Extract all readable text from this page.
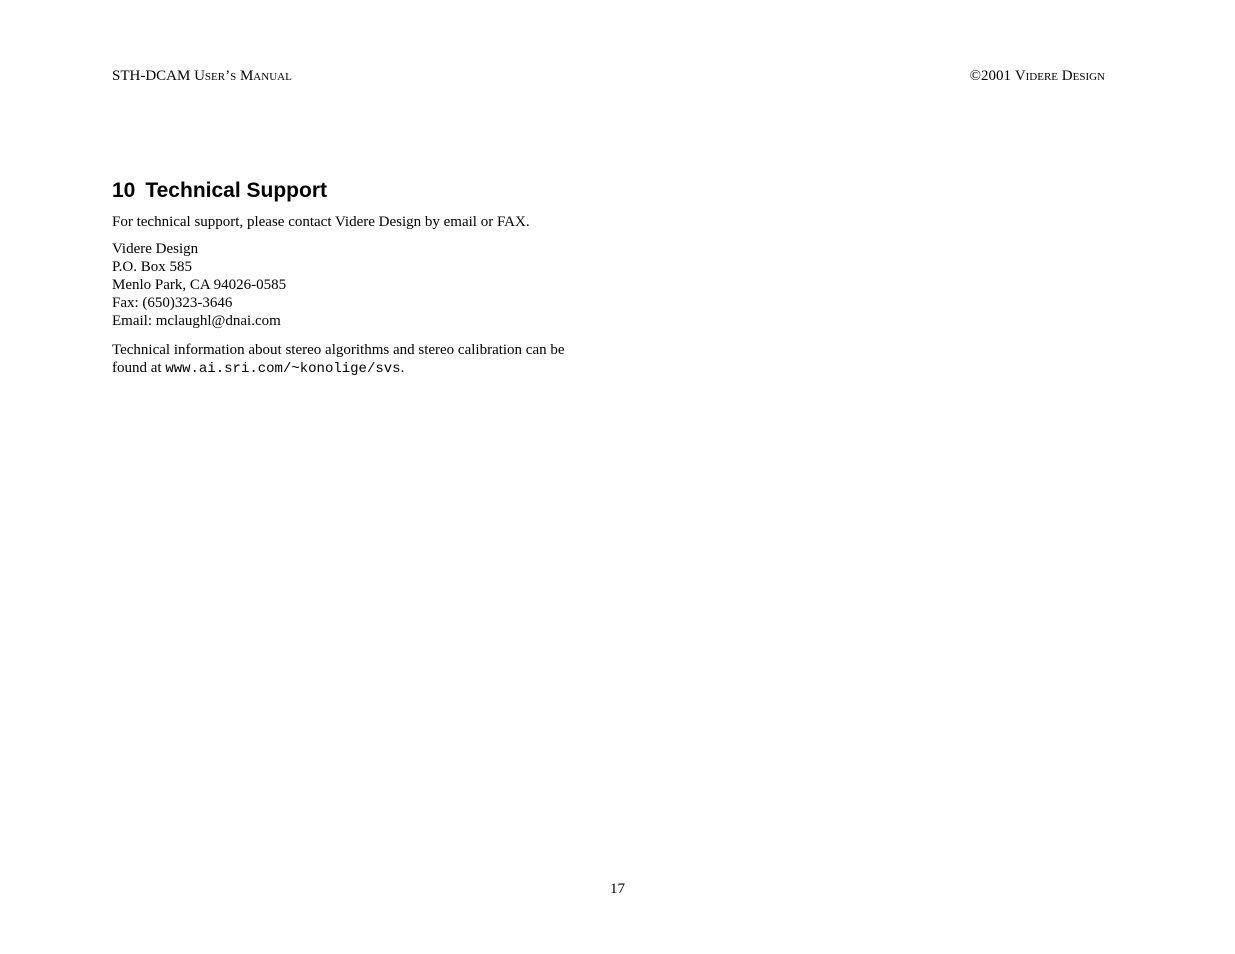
STH-DCAM User’s Manual	©2001 Videre Design
10 Technical Support

For technical support, please contact Videre Design by email or FAX.

Videre Design
P.O. Box 585
Menlo Park, CA 94026-0585
Fax: (650)323-3646
Email: mclaughl@dnai.com

Technical information about stereo algorithms and stereo calibration can be found at www.ai.sri.com/~konolige/svs.

17
